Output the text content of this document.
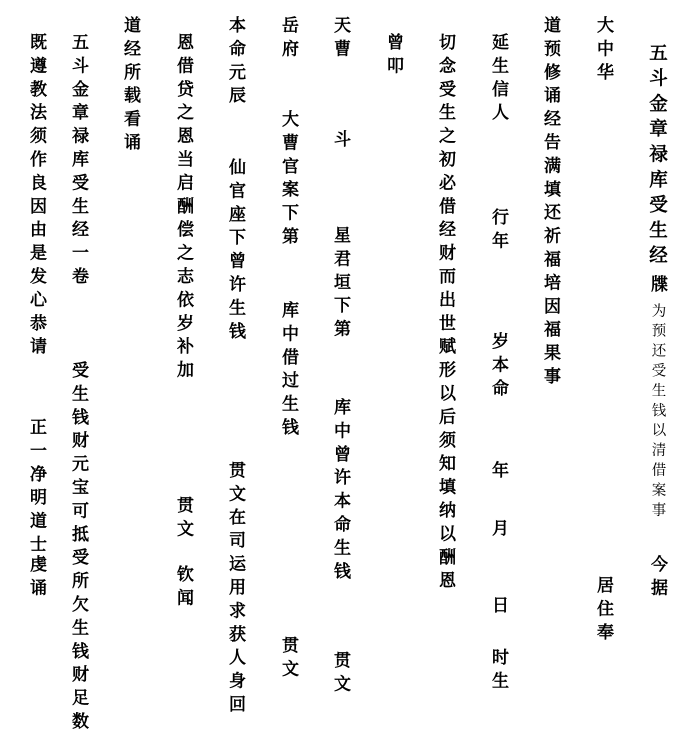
五斗金章禄库受生经
牒
为预还受生钱以清借案事
今据
大中华
居住奉
道预修诵经告满填还祈福培因福果事
延生信人
行年
岁本命
年
月
日
时生
切念受生之初必借经财而出世赋形以后须知填纳以酬恩
曾叩
天曹
斗
星君垣下第
库中曾许本命生钱
贯文
岳府
大曹官案下第
库中借过生钱
贯文
本命元辰
仙官座下曾许生钱
贯文在司运用求获人身回
恩借贷之恩当启酬偿之志依岁补加
贯文
钦闻
道经所载看诵
五斗金章禄库受生经一卷
受生钱财元宝可抵受所欠生钱财足数
既遵教法须作良因由是发心恭请
正一净明道士
虔诵
